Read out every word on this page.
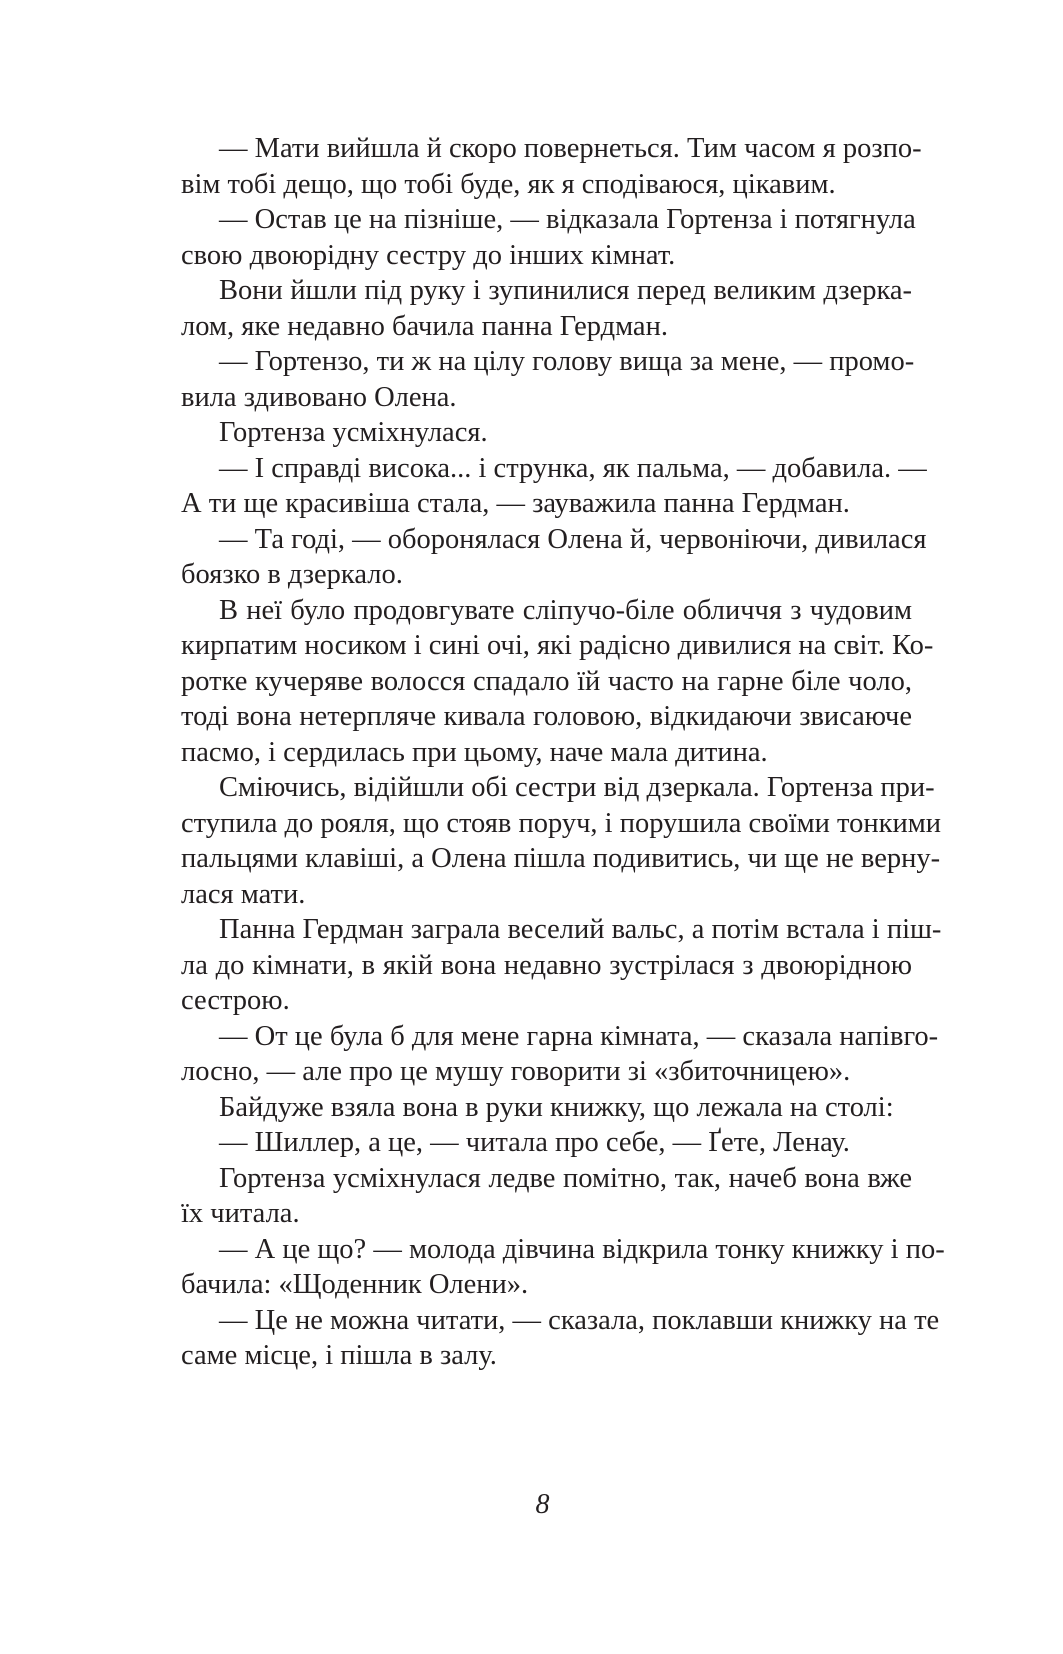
— Мати вийшла й скоро повернеться. Тим часом я розпо-
вім тобі дещо, що тобі буде, як я сподіваюся, цікавим.
— Остав це на пізніше, — відказала Гортенза і потягнула
свою двоюрідну сестру до інших кімнат.
Вони йшли під руку і зупинилися перед великим дзерка-
лом, яке недавно бачила панна Гердман.
— Гортензо, ти ж на цілу голову вища за мене, — промо-
вила здивовано Олена.
Гортенза усміхнулася.
— І справді висока... і струнка, як пальма, — добавила. —
А ти ще красивіша стала, — зауважила панна Гердман.
— Та годі, — оборонялася Олена й, червоніючи, дивилася
боязко в дзеркало.
В неї було продовгувате сліпучо-біле обличчя з чудовим
кирпатим носиком і сині очі, які радісно дивилися на світ. Ко-
ротке кучеряве волосся спадало їй часто на гарне біле чоло,
тоді вона нетерпляче кивала головою, відкидаючи звисаюче
пасмо, і сердилась при цьому, наче мала дитина.
Сміючись, відійшли обі сестри від дзеркала. Гортенза при-
ступила до рояля, що стояв поруч, і порушила своїми тонкими
пальцями клавіші, а Олена пішла подивитись, чи ще не верну-
лася мати.
Панна Гердман заграла веселий вальс, а потім встала і піш-
ла до кімнати, в якій вона недавно зустрілася з двоюрідною
сестрою.
— От це була б для мене гарна кімната, — сказала напівго-
лосно, — але про це мушу говорити зі «збиточницею».
Байдуже взяла вона в руки книжку, що лежала на столі:
— Шиллер, а це, — читала про себе, — Ґете, Ленау.
Гортенза усміхнулася ледве помітно, так, начеб вона вже
їх читала.
— А це що? — молода дівчина відкрила тонку книжку і по-
бачила: «Щоденник Олени».
— Це не можна читати, — сказала, поклавши книжку на те
саме місце, і пішла в залу.
8
